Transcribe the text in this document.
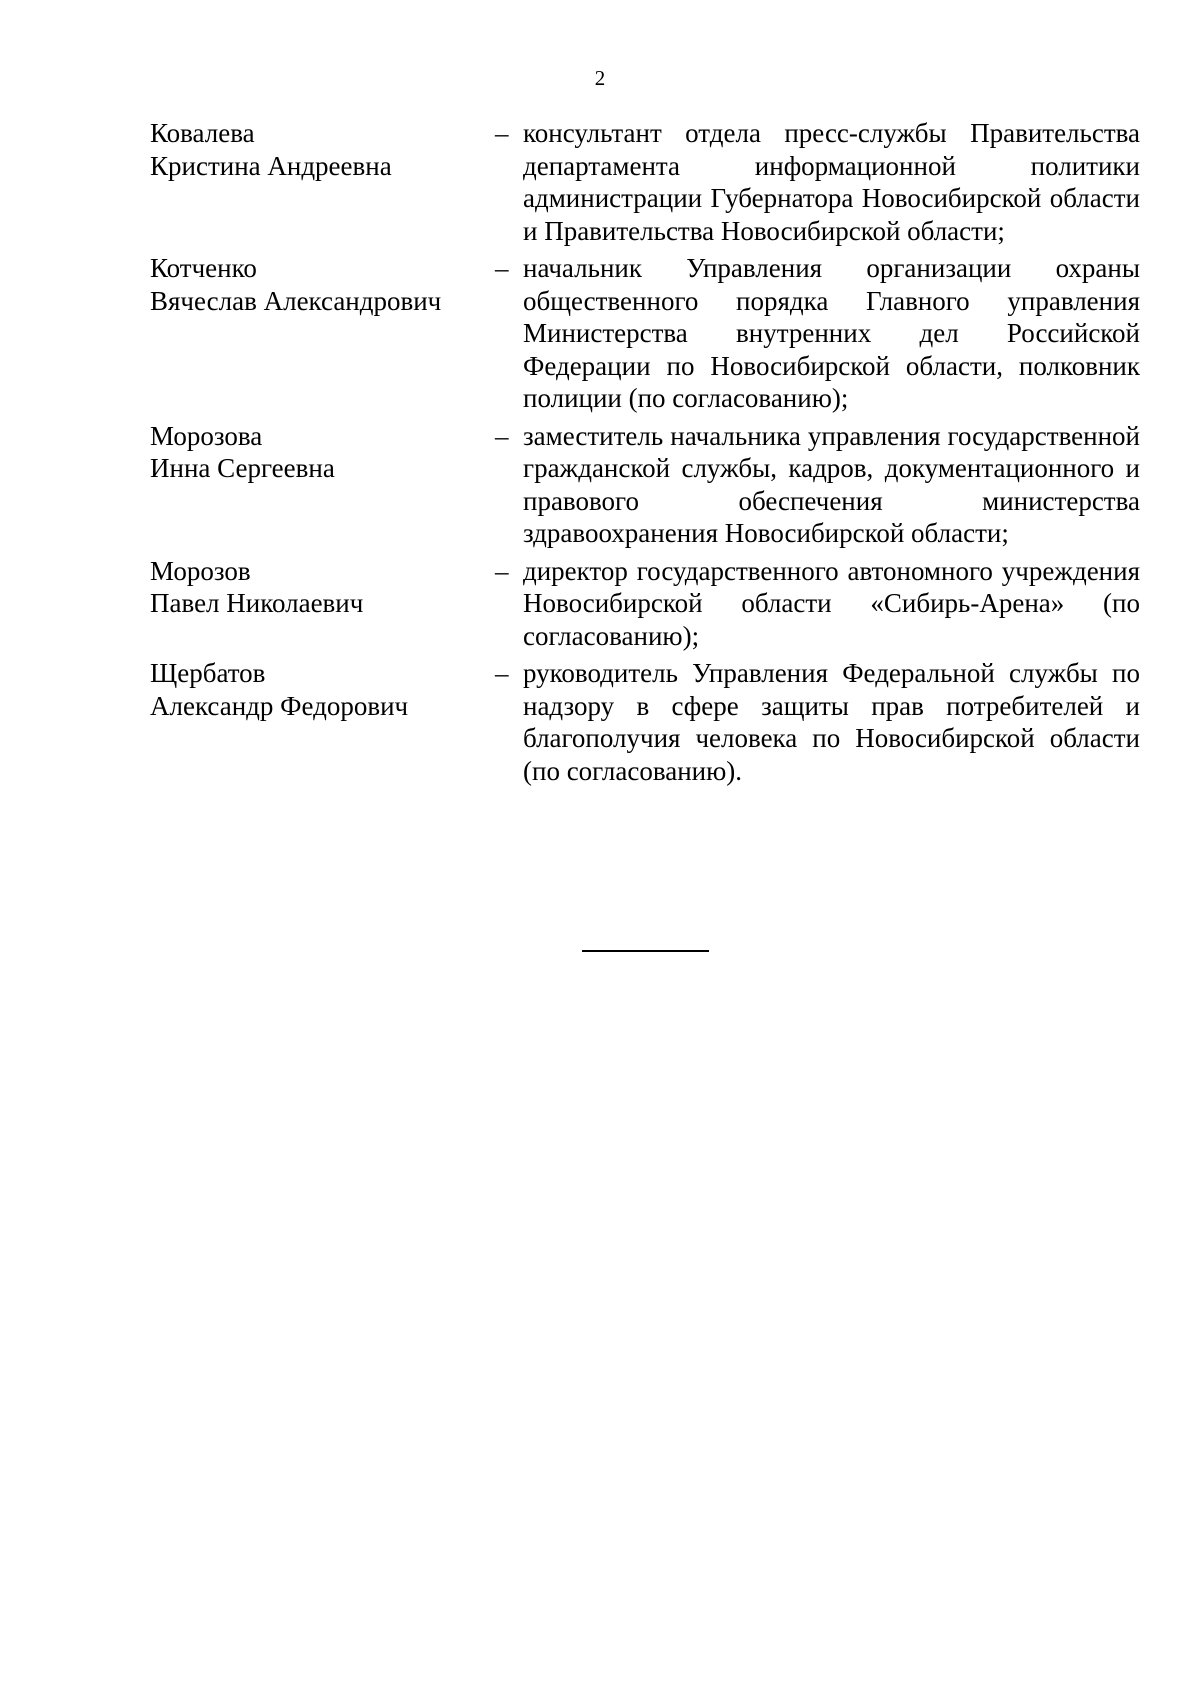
2
Ковалева
Кристина Андреевна
– консультант отдела пресс-службы Правительства департамента информационной политики администрации Губернатора Новосибирской области и Правительства Новосибирской области;
Котченко
Вячеслав Александрович
– начальник Управления организации охраны общественного порядка Главного управления Министерства внутренних дел Российской Федерации по Новосибирской области, полковник полиции (по согласованию);
Морозова
Инна Сергеевна
– заместитель начальника управления государственной гражданской службы, кадров, документационного и правового обеспечения министерства здравоохранения Новосибирской области;
Морозов
Павел Николаевич
– директор государственного автономного учреждения Новосибирской области «Сибирь-Арена» (по согласованию);
Щербатов
Александр Федорович
– руководитель Управления Федеральной службы по надзору в сфере защиты прав потребителей и благополучия человека по Новосибирской области (по согласованию).
